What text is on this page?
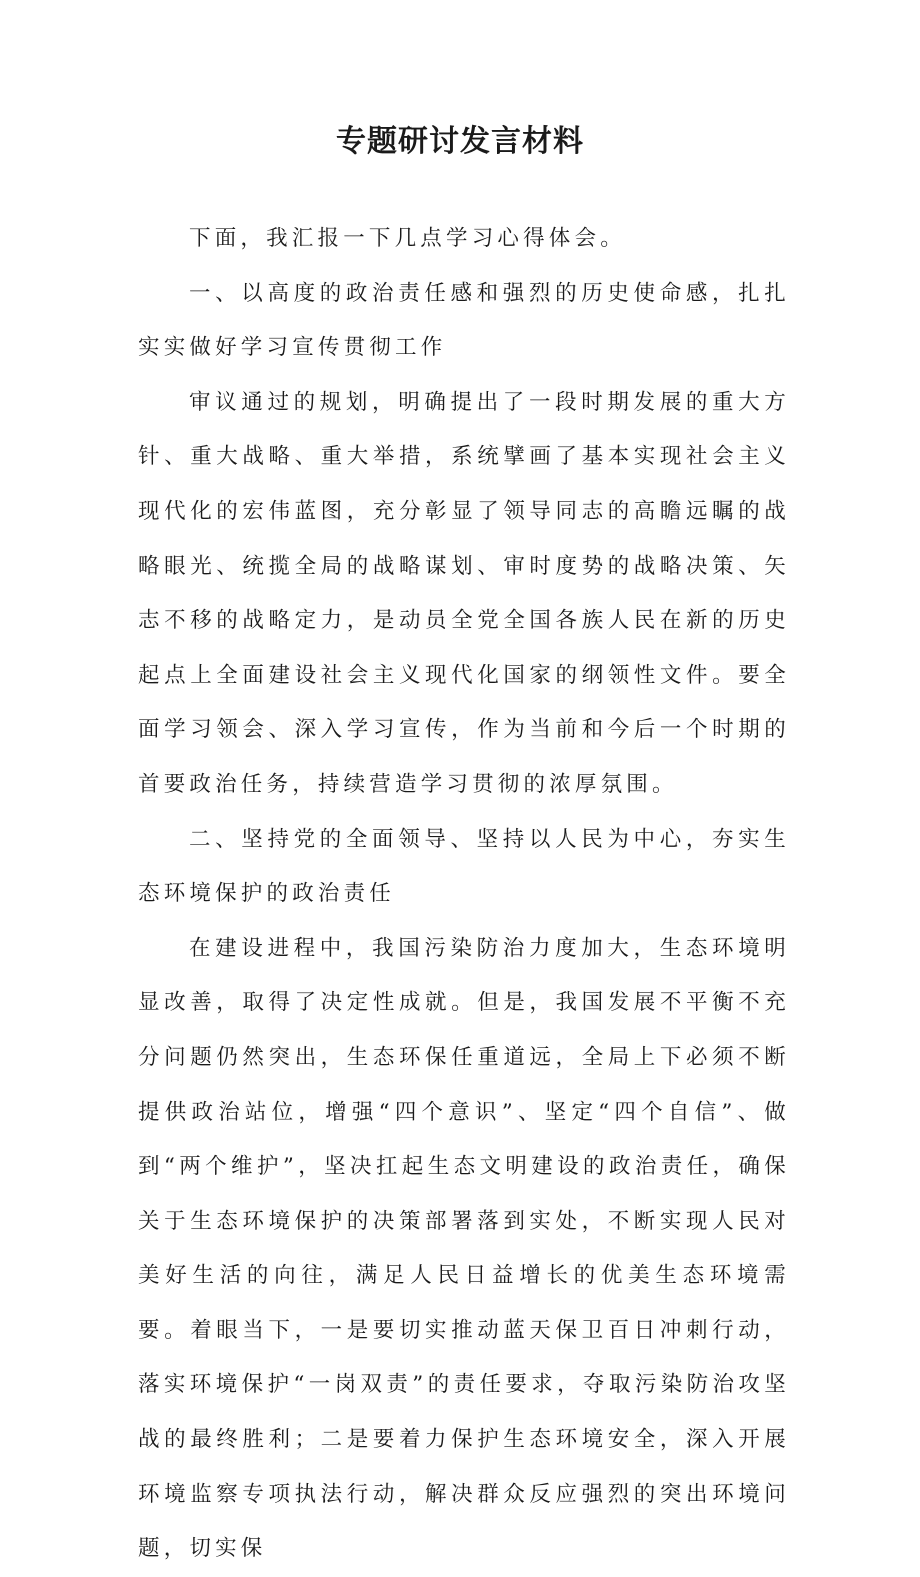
专题研讨发言材料

下面，我汇报一下几点学习心得体会。

一、以高度的政治责任感和强烈的历史使命感，扎扎实实做好学习宣传贯彻工作

审议通过的规划，明确提出了一段时期发展的重大方针、重大战略、重大举措，系统擘画了基本实现社会主义现代化的宏伟蓝图，充分彰显了领导同志的高瞻远瞩的战略眼光、统揽全局的战略谋划、审时度势的战略决策、矢志不移的战略定力，是动员全党全国各族人民在新的历史起点上全面建设社会主义现代化国家的纲领性文件。要全面学习领会、深入学习宣传，作为当前和今后一个时期的首要政治任务，持续营造学习贯彻的浓厚氛围。

二、坚持党的全面领导、坚持以人民为中心，夯实生态环境保护的政治责任

在建设进程中，我国污染防治力度加大，生态环境明显改善，取得了决定性成就。但是，我国发展不平衡不充分问题仍然突出，生态环保任重道远，全局上下必须不断提供政治站位，增强“四个意识”、坚定“四个自信”、做到“两个维护”，坚决扛起生态文明建设的政治责任，确保关于生态环境保护的决策部署落到实处，不断实现人民对美好生活的向往，满足人民日益增长的优美生态环境需要。着眼当下，一是要切实推动蓝天保卫百日冲刺行动，落实环境保护“一岗双责”的责任要求，夺取污染防治攻坚战的最终胜利；二是要着力保护生态环境安全，深入开展环境监察专项执法行动，解决群众反应强烈的突出环境问题，切实保
